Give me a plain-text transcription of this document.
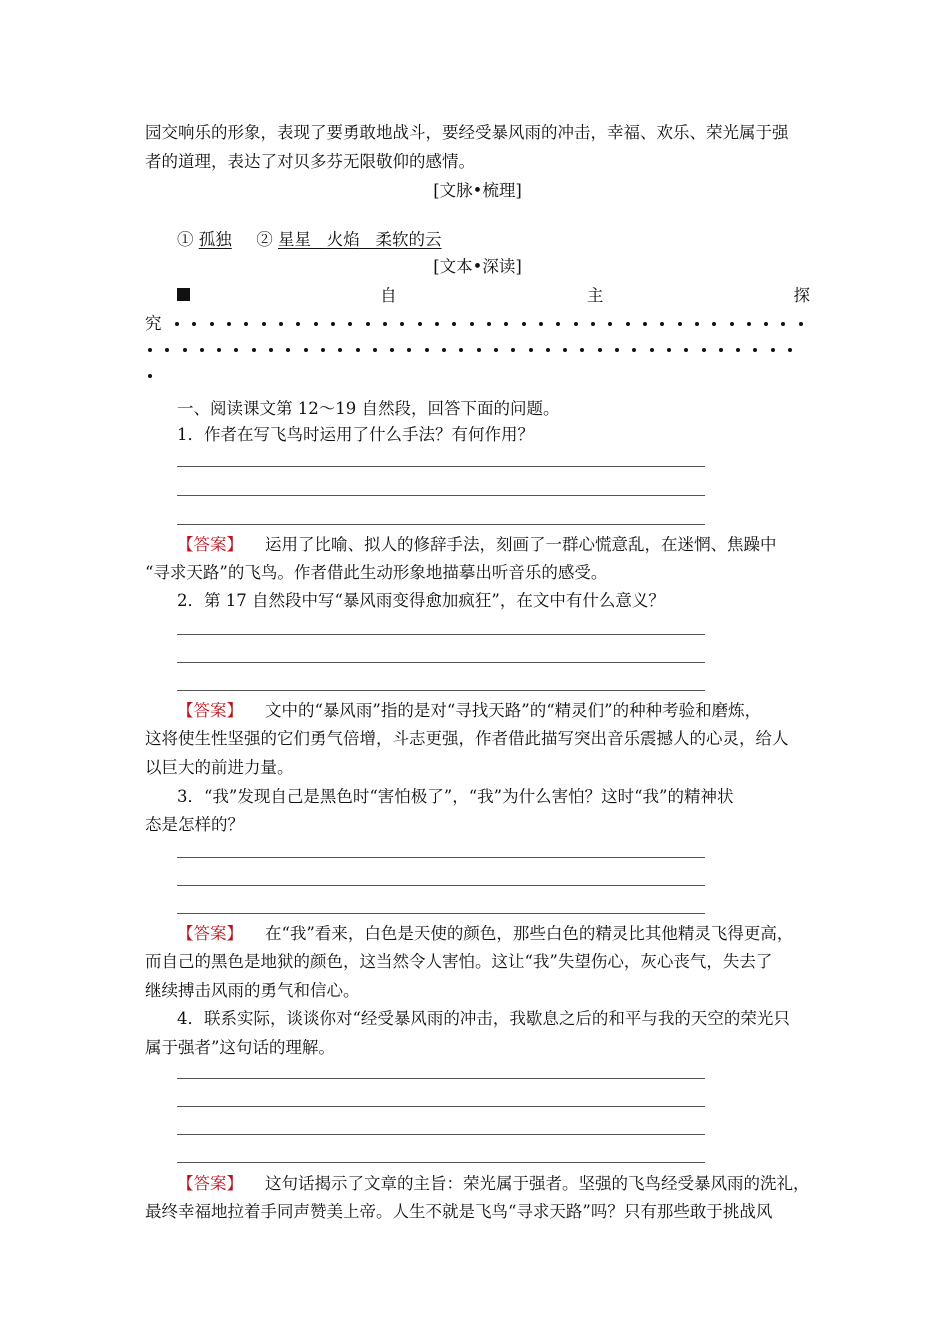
园交响乐的形象，表现了要勇敢地战斗，要经受暴风雨的冲击，幸福、欢乐、荣光属于强
者的道理，表达了对贝多芬无限敬仰的感情。
[文脉•梳理]
① 孤独 ② 星星 火焰 柔软的云
[文本•深读]
自	主	探
究
一、阅读课文第 12～19 自然段，回答下面的问题。
1．作者在写飞鸟时运用了什么手法？有何作用？
【答案】 运用了比喻、拟人的修辞手法，刻画了一群心慌意乱，在迷惘、焦躁中
“寻求天路”的飞鸟。作者借此生动形象地描摹出听音乐的感受。
2．第 17 自然段中写“暴风雨变得愈加疯狂”，在文中有什么意义？
【答案】 文中的“暴风雨”指的是对“寻找天路”的“精灵们”的种种考验和磨炼，
这将使生性坚强的它们勇气倍增，斗志更强，作者借此描写突出音乐震撼人的心灵，给人
以巨大的前进力量。
3．“我”发现自己是黑色时“害怕极了”，“我”为什么害怕？这时“我”的精神状
态是怎样的？
【答案】 在“我”看来，白色是天使的颜色，那些白色的精灵比其他精灵飞得更高，
而自己的黑色是地狱的颜色，这当然令人害怕。这让“我”失望伤心，灰心丧气，失去了
继续搏击风雨的勇气和信心。
4．联系实际，谈谈你对“经受暴风雨的冲击，我歇息之后的和平与我的天空的荣光只
属于强者”这句话的理解。
【答案】 这句话揭示了文章的主旨：荣光属于强者。坚强的飞鸟经受暴风雨的洗礼，
最终幸福地拉着手同声赞美上帝。人生不就是飞鸟“寻求天路”吗？只有那些敢于挑战风
